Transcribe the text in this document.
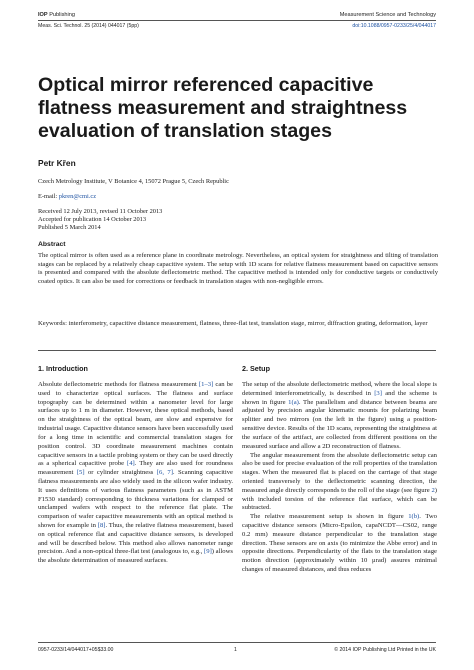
IOP Publishing	Measurement Science and Technology
Meas. Sci. Technol. 25 (2014) 044017 (5pp)	doi:10.1088/0957-0233/25/4/044017
Optical mirror referenced capacitive flatness measurement and straightness evaluation of translation stages
Petr Křen
Czech Metrology Institute, V Botanice 4, 15072 Prague 5, Czech Republic
E-mail: pkren@cmi.cz
Received 12 July 2013, revised 11 October 2013
Accepted for publication 14 October 2013
Published 5 March 2014
Abstract
The optical mirror is often used as a reference plane in coordinate metrology. Nevertheless, an optical system for straightness and tilting of translation stages can be replaced by a relatively cheap capacitive system. The setup with 1D scans for relative flatness measurement based on capacitive sensors is presented and compared with the absolute deflectometric method. The capacitive method is intended only for conductive targets or conductively coated optics. It can also be used for corrections or feedback in translation stages with non-negligible errors.
Keywords: interferometry, capacitive distance measurement, flatness, three-flat test, translation stage, mirror, diffraction grating, deformation, layer
1. Introduction	2. Setup

Absolute deflectometric methods for flatness measurement [1–3] can be used to characterize optical surfaces. The flatness and surface topography can be determined within a nanometer level for large surfaces up to 1 m in diameter. However, these optical methods, based on the straightness of the optical beam, are slow and expensive for industrial usage. Capacitive distance sensors have been successfully used for a long time in scientific and commercial translation stages for position control. 3D coordinate measurement machines contain capacitive sensors in a tactile probing system or they can be used directly as a spherical capacitive probe [4]. They are also used for roundness measurement [5] or cylinder straightness [6, 7]. Scanning capacitive flatness measurements are also widely used in the silicon wafer industry. It uses definitions of various flatness parameters (such as in ASTM F1530 standard) corresponding to thickness variations for clamped or unclamped wafers with respect to the reference flat plate. The comparison of wafer capacitive measurements with an optical method is shown for example in [8]. Thus, the relative flatness measurement, based on optical reference flat and capacitive distance sensors, is developed and will be described below. This method also allows nanometer range precision. And a non-optical three-flat test (analogous to, e.g., [9]) allows the absolute determination of measured surfaces.

The setup of the absolute deflectometric method, where the local slope is determined interferometrically, is described in [3] and the scheme is shown in figure 1(a). The parallelism and distance between beams are adjusted by precision angular kinematic mounts for polarizing beam splitter and two mirrors (on the left in the figure) using a position-sensitive device. Results of the 1D scans, representing the straightness at the surface of the artifact, are collected from different positions on the measured surface and allow a 2D reconstruction of flatness.

The angular measurement from the absolute deflectometric setup can also be used for precise evaluation of the roll properties of the translation stages. When the measured flat is placed on the carriage of that stage oriented transversely to the deflectometric scanning direction, the measured angle directly corresponds to the roll of the stage (see figure 2) with included torsion of the reference flat surface, which can be subtracted.

The relative measurement setup is shown in figure 1(b). Two capacitive distance sensors (Micro-Epsilon, capaNCDT—CS02, range 0.2 mm) measure distance perpendicular to the translation stage direction. These sensors are on axis (to minimize the Abbe error) and in opposite directions. Perpendicularity of the flats to the translation stage motion direction (approximately within 10 μrad) assures minimal changes of measured distances, and thus reduces

0957-0233/14/044017+05$33.00	1	© 2014 IOP Publishing Ltd Printed in the UK
